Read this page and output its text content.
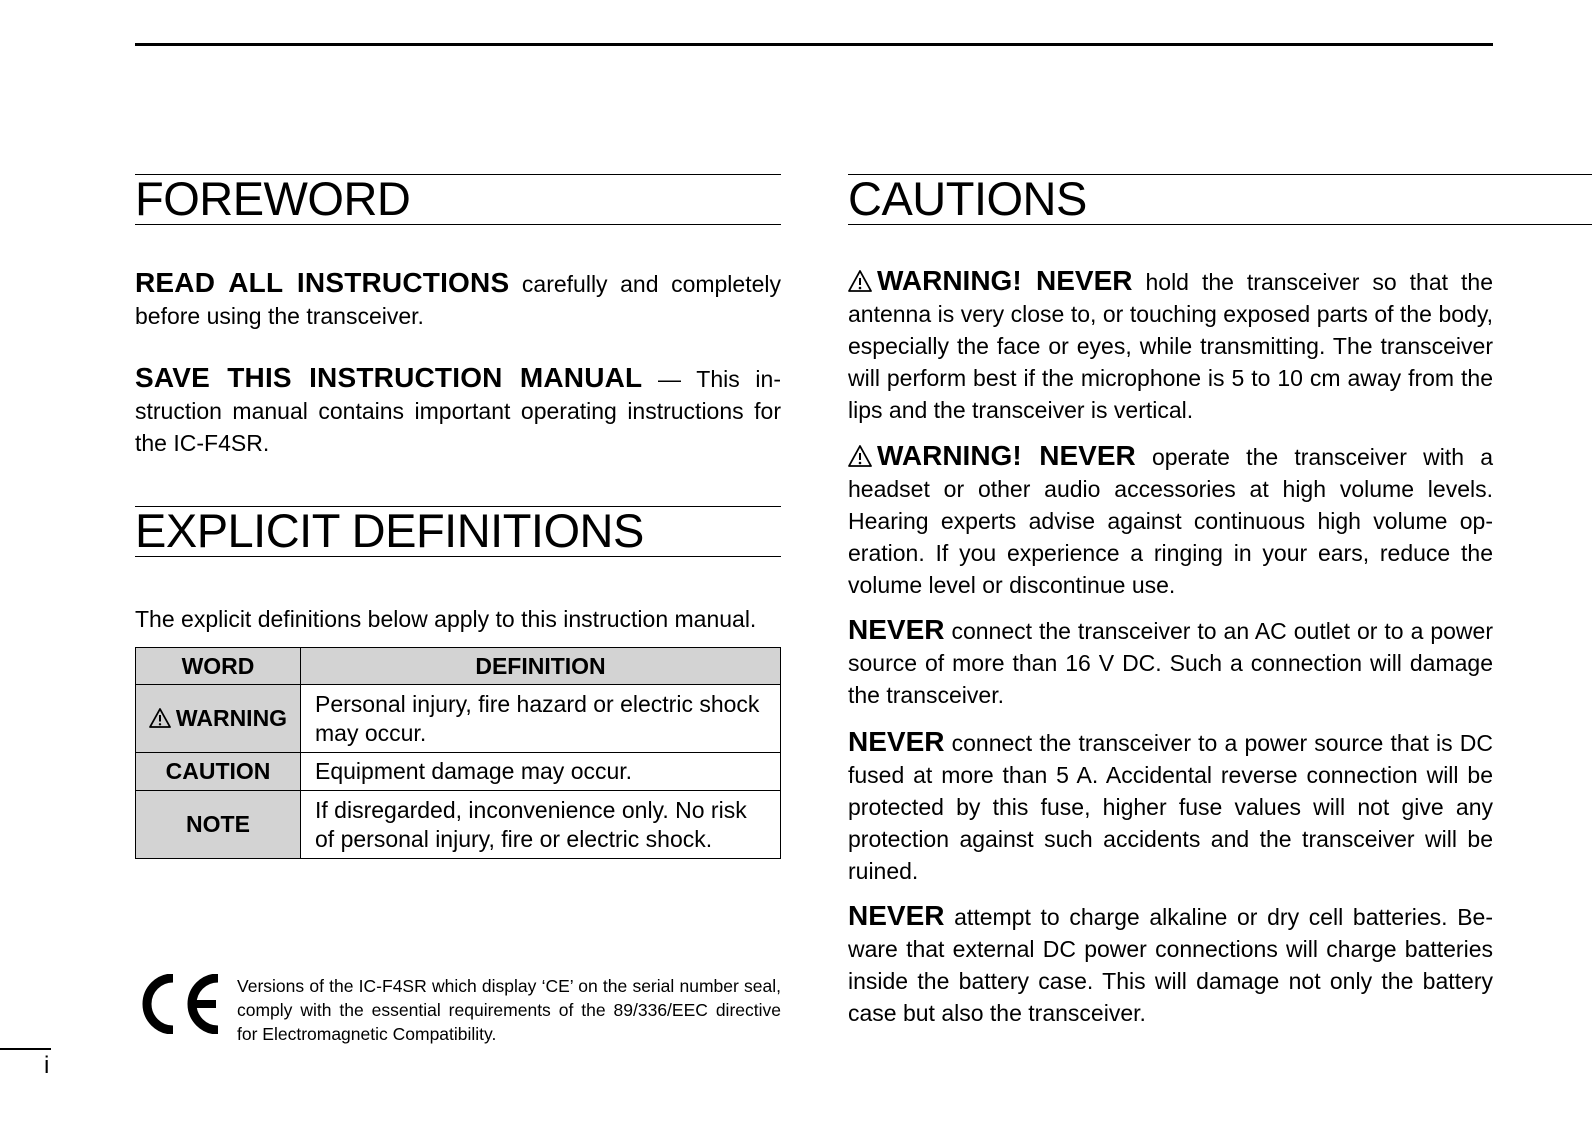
FOREWORD

READ ALL INSTRUCTIONS carefully and completely before using the transceiver.

SAVE THIS INSTRUCTION MANUAL — This instruction manual contains important operating instructions for the IC-F4SR.

EXPLICIT DEFINITIONS

The explicit definitions below apply to this instruction manual.

WORD	DEFINITION
WARNING	Personal injury, fire hazard or electric shock may occur.
CAUTION	Equipment damage may occur.
NOTE	If disregarded, inconvenience only. No risk of personal injury, fire or electric shock.

Versions of the IC-F4SR which display ‘CE’ on the serial number seal, comply with the essential requirements of the 89/336/EEC directive for Electromagnetic Compatibility.

CAUTIONS

WARNING! NEVER hold the transceiver so that the antenna is very close to, or touching exposed parts of the body, especially the face or eyes, while transmitting. The transceiver will perform best if the microphone is 5 to 10 cm away from the lips and the transceiver is vertical.

WARNING! NEVER operate the transceiver with a headset or other audio accessories at high volume levels. Hearing experts advise against continuous high volume operation. If you experience a ringing in your ears, reduce the volume level or discontinue use.

NEVER connect the transceiver to an AC outlet or to a power source of more than 16 V DC. Such a connection will damage the transceiver.

NEVER connect the transceiver to a power source that is DC fused at more than 5 A. Accidental reverse connection will be protected by this fuse, higher fuse values will not give any protection against such accidents and the transceiver will be ruined.

NEVER attempt to charge alkaline or dry cell batteries. Beware that external DC power connections will charge batteries inside the battery case. This will damage not only the battery case but also the transceiver.

i
